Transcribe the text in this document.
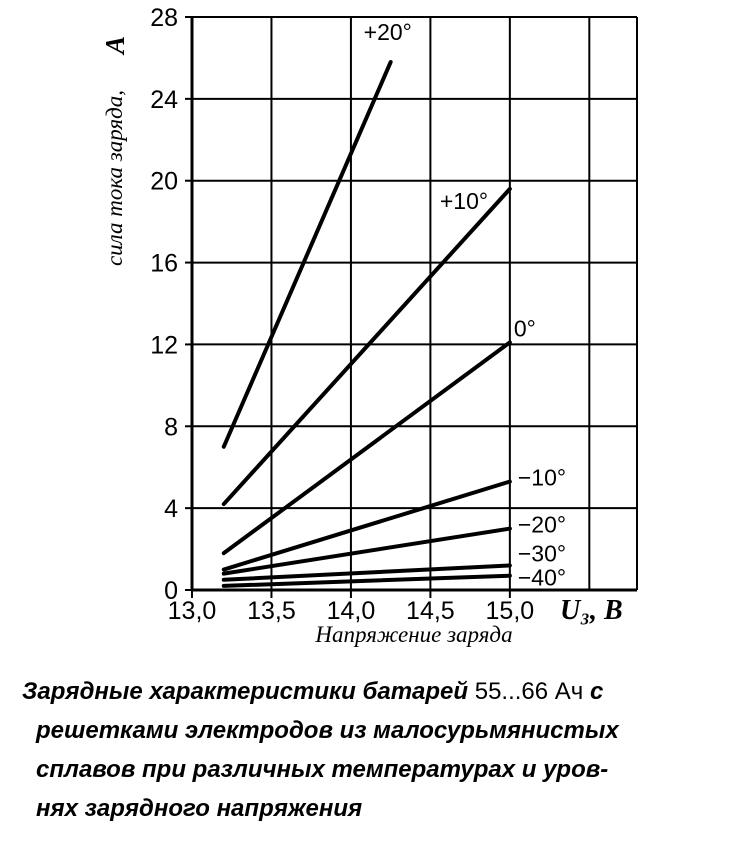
0
4
8
12
16
20
24
28
13,0 13,5 14,0 14,5 15,0 U₃, В
Напряжение заряда
сила тока заряда,
A	+20°
+10°
0°
−10°
−20°
−30°
−40°
Зарядные характеристики батарей 55...66 Ач с
решетками электродов из малосурьмянистых
сплавов при различных температурах и уров-
нях зарядного напряжения
